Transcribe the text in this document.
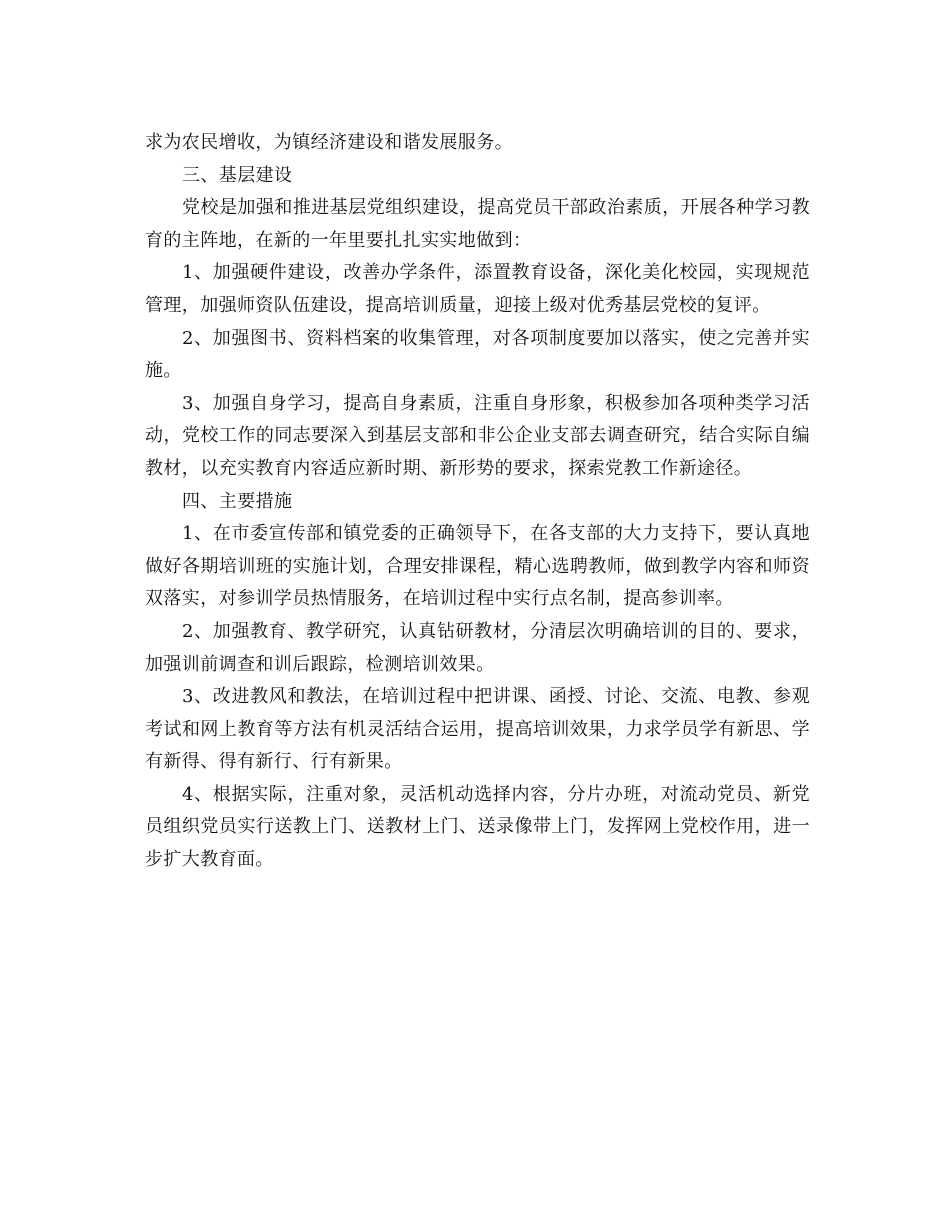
求为农民增收，为镇经济建设和谐发展服务。

三、基层建设

党校是加强和推进基层党组织建设，提高党员干部政治素质，开展各种学习教育的主阵地，在新的一年里要扎扎实实地做到：

1、加强硬件建设，改善办学条件，添置教育设备，深化美化校园，实现规范管理，加强师资队伍建设，提高培训质量，迎接上级对优秀基层党校的复评。

2、加强图书、资料档案的收集管理，对各项制度要加以落实，使之完善并实施。

3、加强自身学习，提高自身素质，注重自身形象，积极参加各项种类学习活动，党校工作的同志要深入到基层支部和非公企业支部去调查研究，结合实际自编教材，以充实教育内容适应新时期、新形势的要求，探索党教工作新途径。

四、主要措施

1、在市委宣传部和镇党委的正确领导下，在各支部的大力支持下，要认真地做好各期培训班的实施计划，合理安排课程，精心选聘教师，做到教学内容和师资双落实，对参训学员热情服务，在培训过程中实行点名制，提高参训率。

2、加强教育、教学研究，认真钻研教材，分清层次明确培训的目的、要求，加强训前调查和训后跟踪，检测培训效果。

3、改进教风和教法，在培训过程中把讲课、函授、讨论、交流、电教、参观考试和网上教育等方法有机灵活结合运用，提高培训效果，力求学员学有新思、学有新得、得有新行、行有新果。

4、根据实际，注重对象，灵活机动选择内容，分片办班，对流动党员、新党员组织党员实行送教上门、送教材上门、送录像带上门，发挥网上党校作用，进一步扩大教育面。
